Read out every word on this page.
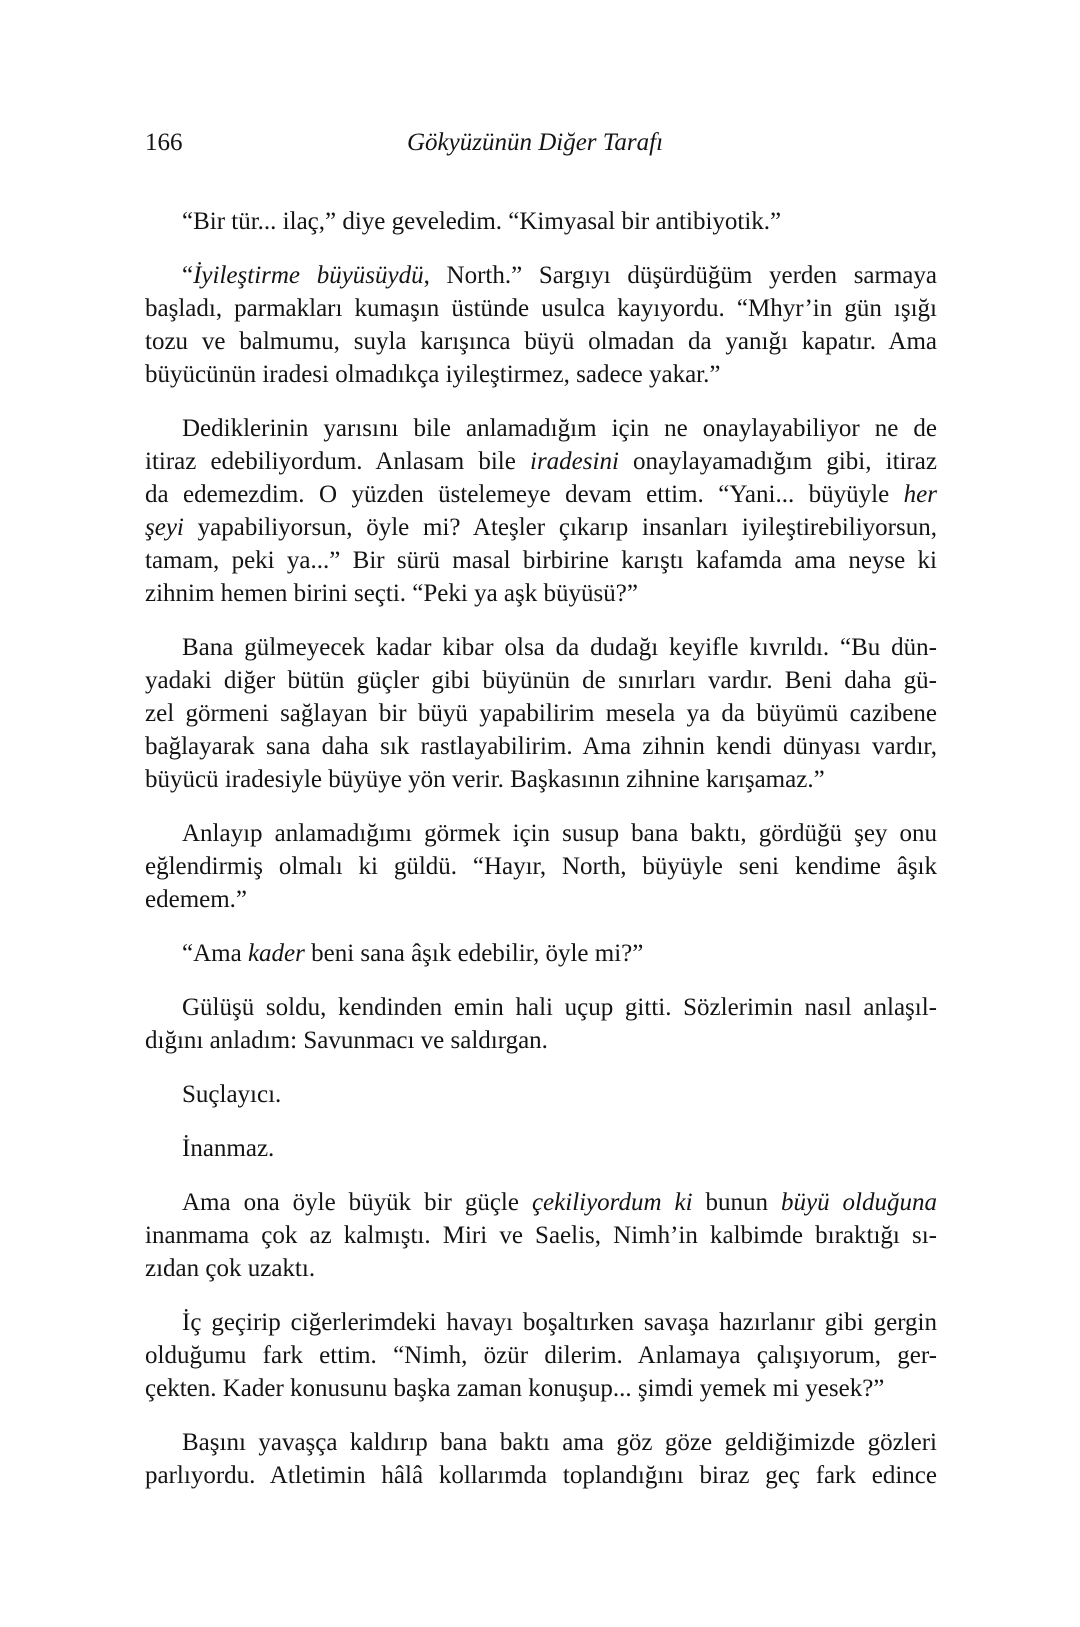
166	Gökyüzünün Diğer Tarafı
“Bir tür... ilaç,” diye geveledim. “Kimyasal bir antibiyotik.”
“İyileştirme büyüsüydü, North.” Sargıyı düşürdüğüm yerden sarmaya
başladı, parmakları kumaşın üstünde usulca kayıyordu. “Mhyr’in gün ışığı
tozu ve balmumu, suyla karışınca büyü olmadan da yanığı kapatır. Ama
büyücünün iradesi olmadıkça iyileştirmez, sadece yakar.”
Dediklerinin yarısını bile anlamadığım için ne onaylayabiliyor ne de
itiraz edebiliyordum. Anlasam bile iradesini onaylayamadığım gibi, itiraz
da edemezdim. O yüzden üstelemeye devam ettim. “Yani... büyüyle her
şeyi yapabiliyorsun, öyle mi? Ateşler çıkarıp insanları iyileştirebiliyorsun,
tamam, peki ya...” Bir sürü masal birbirine karıştı kafamda ama neyse ki
zihnim hemen birini seçti. “Peki ya aşk büyüsü?”
Bana gülmeyecek kadar kibar olsa da dudağı keyifle kıvrıldı. “Bu dün-
yadaki diğer bütün güçler gibi büyünün de sınırları vardır. Beni daha gü-
zel görmeni sağlayan bir büyü yapabilirim mesela ya da büyümü cazibene
bağlayarak sana daha sık rastlayabilirim. Ama zihnin kendi dünyası vardır,
büyücü iradesiyle büyüye yön verir. Başkasının zihnine karışamaz.”
Anlayıp anlamadığımı görmek için susup bana baktı, gördüğü şey onu
eğlendirmiş olmalı ki güldü. “Hayır, North, büyüyle seni kendime âşık
edemem.”
“Ama kader beni sana âşık edebilir, öyle mi?”
Gülüşü soldu, kendinden emin hali uçup gitti. Sözlerimin nasıl anlaşıl-
dığını anladım: Savunmacı ve saldırgan.
Suçlayıcı.
İnanmaz.
Ama ona öyle büyük bir güçle çekiliyordum ki bunun büyü olduğuna
inanmama çok az kalmıştı. Miri ve Saelis, Nimh’in kalbimde bıraktığı sı-
zıdan çok uzaktı.
İç geçirip ciğerlerimdeki havayı boşaltırken savaşa hazırlanır gibi gergin
olduğumu fark ettim. “Nimh, özür dilerim. Anlamaya çalışıyorum, ger-
çekten. Kader konusunu başka zaman konuşup... şimdi yemek mi yesek?”
Başını yavaşça kaldırıp bana baktı ama göz göze geldiğimizde gözleri
parlıyordu. Atletimin hâlâ kollarımda toplandığını biraz geç fark edince
